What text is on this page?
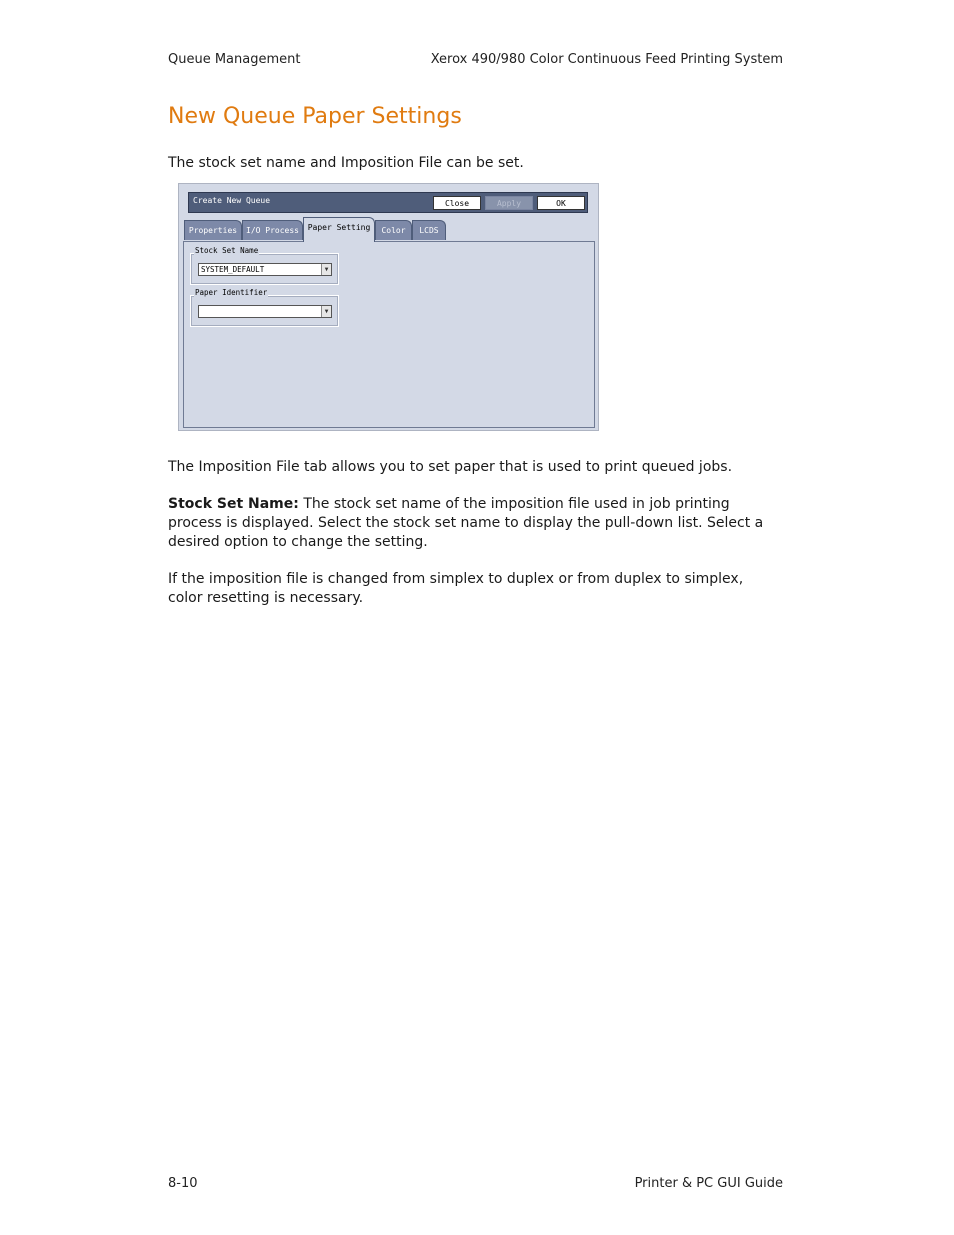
Queue Management	Xerox 490/980 Color Continuous Feed Printing System
New Queue Paper Settings

The stock set name and Imposition File can be set.

Create New Queue	Close	Apply	OK
Properties	I/O Process	Paper Setting	Color	LCDS
Stock Set Name
SYSTEM_DEFAULT	▼
Paper Identifier
▼

The Imposition File tab allows you to set paper that is used to print queued jobs.

Stock Set Name: The stock set name of the imposition file used in job printing process is displayed. Select the stock set name to display the pull-down list. Select a desired option to change the setting.

If the imposition file is changed from simplex to duplex or from duplex to simplex, color resetting is necessary.

8-10	Printer & PC GUI Guide
